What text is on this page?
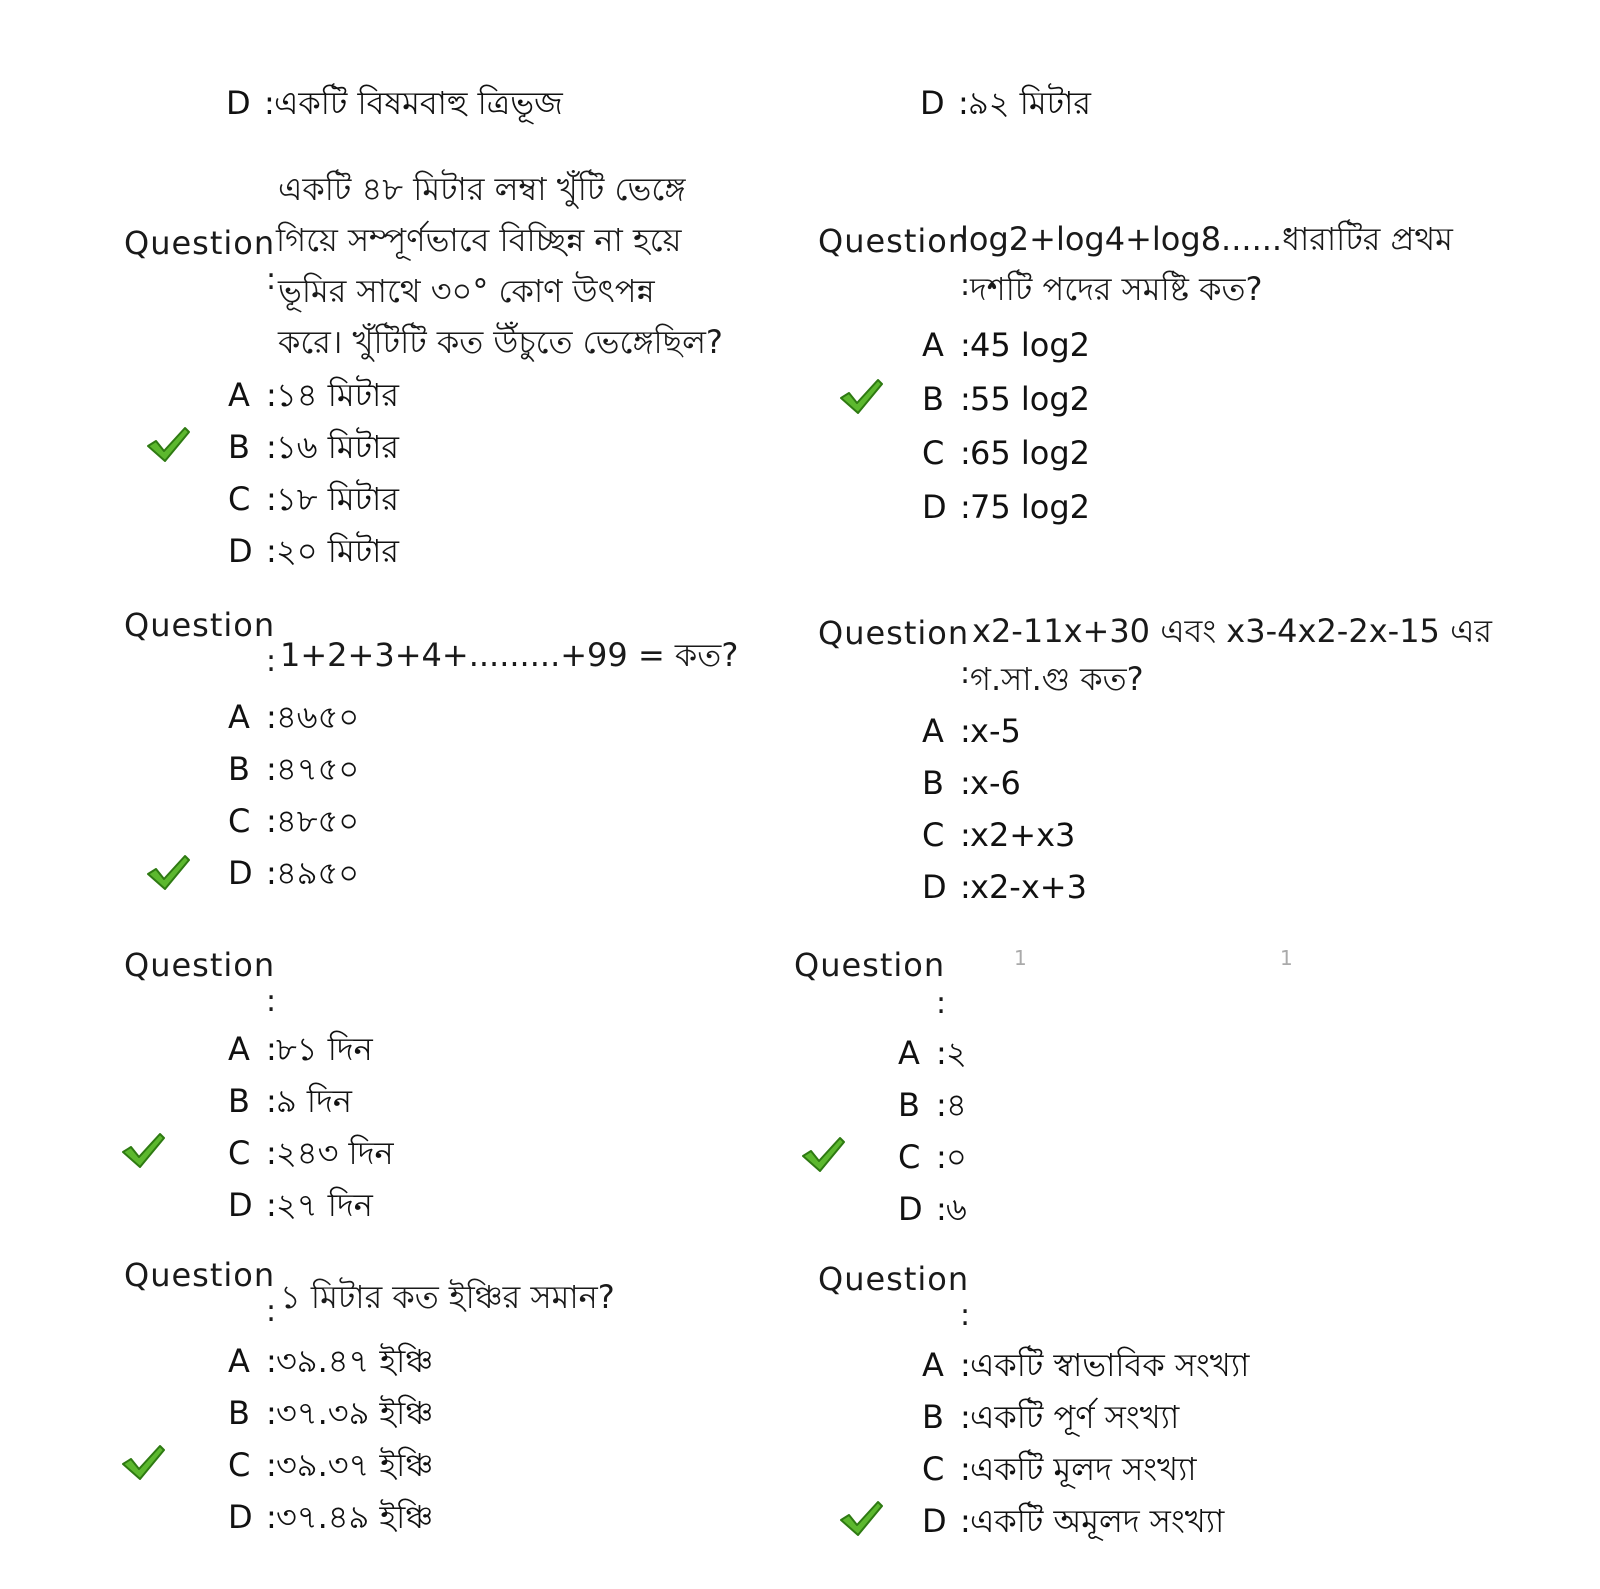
D : একটি বিষমবাহু ত্রিভূজ
Question
:
একটি ৪৮ মিটার লম্বা খুঁটি ভেঙ্গে
গিয়ে সম্পূর্ণভাবে বিচ্ছিন্ন না হয়ে
ভূমির সাথে ৩০° কোণ উৎপন্ন
করে। খুঁটিটি কত উঁচুতে ভেঙ্গেছিল?
A : ১৪ মিটার
B : ১৬ মিটার
C : ১৮ মিটার
D : ২০ মিটার
Question
: 1+2+3+4+.........+99 = কত?
A : ৪৬৫০
B : ৪৭৫০
C : ৪৮৫০
D : ৪৯৫০
Question
:
A : ৮১ দিন
B : ৯ দিন
C : ২৪৩ দিন
D : ২৭ দিন
Question
: ১ মিটার কত ইঞ্চির সমান?
A : ৩৯.৪৭ ইঞ্চি
B : ৩৭.৩৯ ইঞ্চি
C : ৩৯.৩৭ ইঞ্চি
D : ৩৭.৪৯ ইঞ্চি
D : ৯২ মিটার
Question
log2+log4+log8......ধারাটির প্রথম
: দশটি পদের সমষ্টি কত?
A : 45 log2
B : 55 log2
C : 65 log2
D : 75 log2
Question x2-11x+30 এবং x3-4x2-2x-15 এর
: গ.সা.গু কত?
A : x-5
B : x-6
C : x2+x3
D : x2-x+3
Question
:
1	1
A : ২
B : ৪
C : ০
D : ৬
Question
:
A : একটি স্বাভাবিক সংখ্যা
B : একটি পূর্ণ সংখ্যা
C : একটি মূলদ সংখ্যা
D : একটি অমূলদ সংখ্যা
